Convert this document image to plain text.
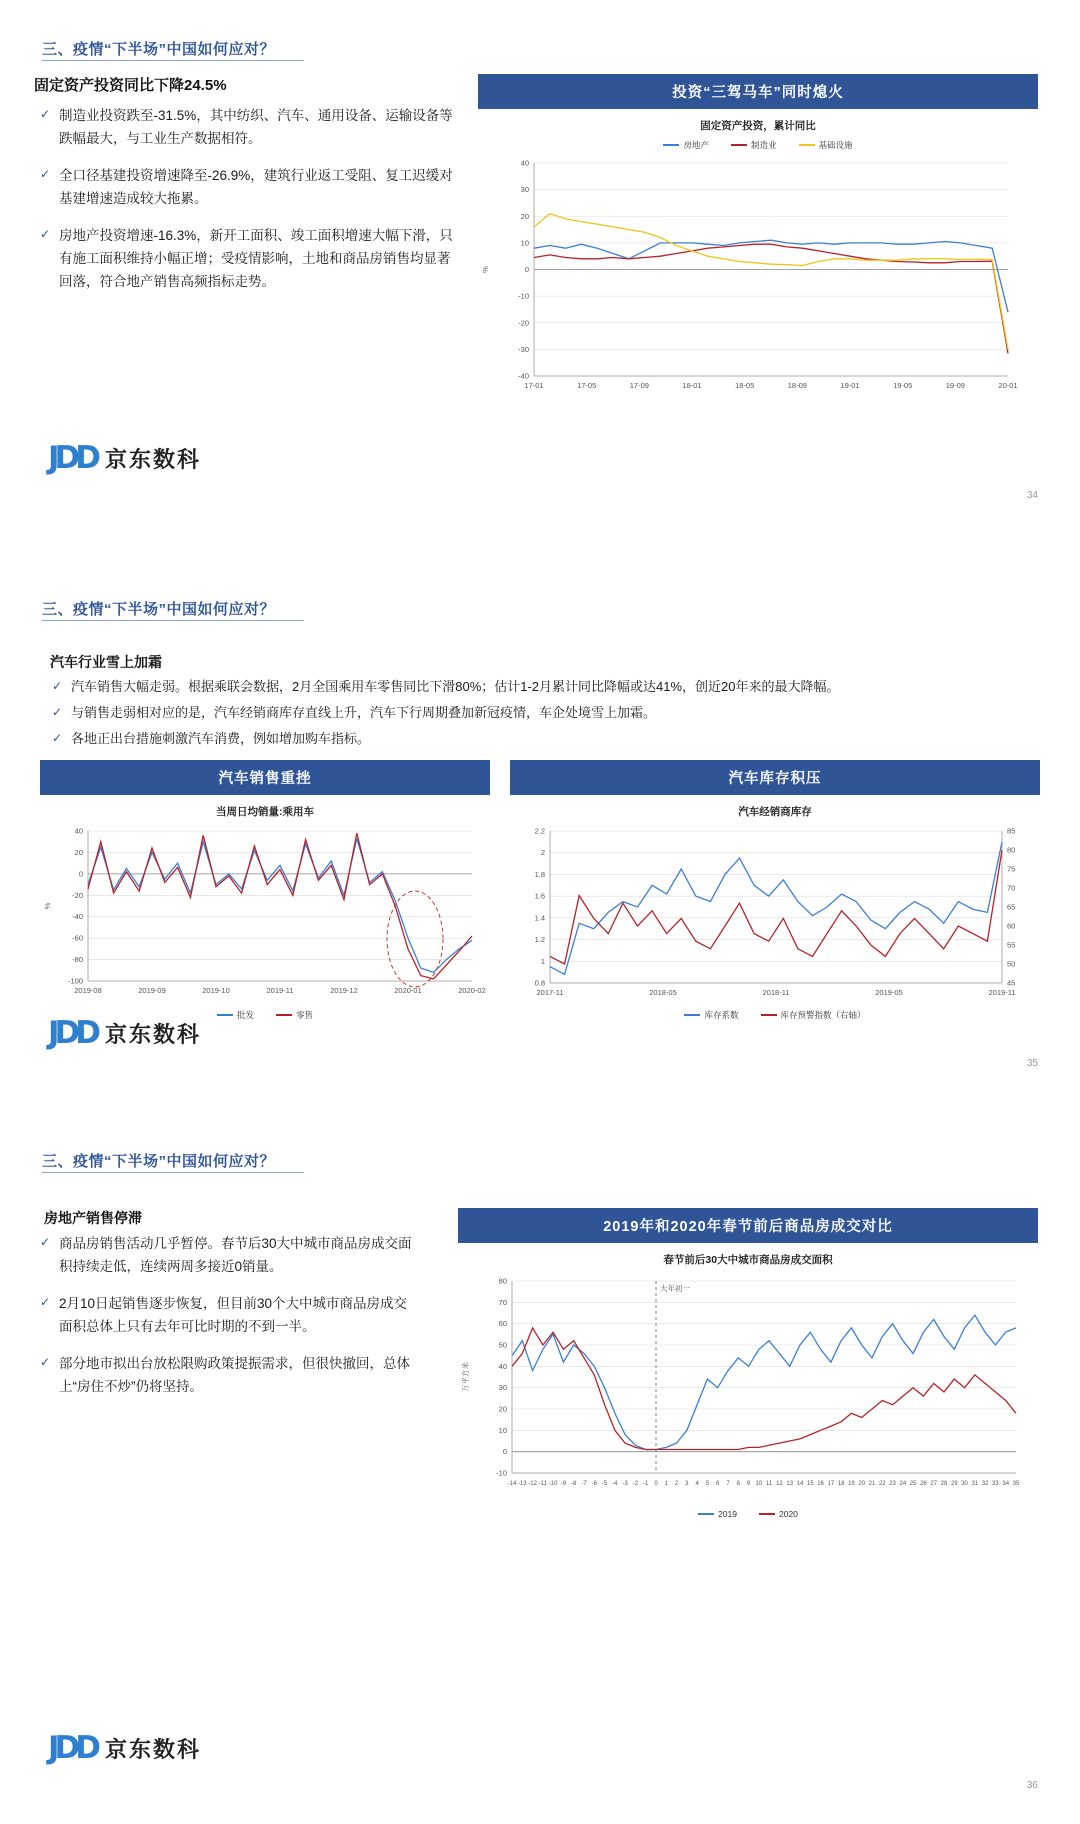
三、疫情“下半场”中国如何应对？
固定资产投资同比下降24.5%
✓ 制造业投资跌至-31.5%，其中纺织、汽车、通用设备、运输设备等跌幅最大，与工业生产数据相符。
✓ 全口径基建投资增速降至-26.9%，建筑行业返工受阻、复工迟缓对基建增速造成较大拖累。
✓ 房地产投资增速-16.3%，新开工面积、竣工面积增速大幅下滑，只有施工面积维持小幅正增；受疫情影响，土地和商品房销售均显著回落，符合地产销售高频指标走势。
投资“三驾马车”同时熄火
固定资产投资，累计同比
房地产	制造业	基础设施
-40
-30
-20
-10
0
10
20
30
40
17-01	17-05	17-09	18-01	18-05	18-09	19-01	19-05	19-09	20-01
%
JDD 京东数科
34
三、疫情“下半场”中国如何应对？
汽车行业雪上加霜
✓ 汽车销售大幅走弱。根据乘联会数据，2月全国乘用车零售同比下滑80%；估计1-2月累计同比降幅或达41%，创近20年来的最大降幅。
✓ 与销售走弱相对应的是，汽车经销商库存直线上升，汽车下行周期叠加新冠疫情，车企处境雪上加霜。
✓ 各地正出台措施刺激汽车消费，例如增加购车指标。
汽车销售重挫
当周日均销量:乘用车
-100
-80
-60
-40
-20
0
20
40
2019-08	2019-09	2019-10	2019-11	2019-12	2020-01	2020-02
%
批发	零售
汽车库存积压
汽车经销商库存
0.8
1
1.2
1.4
1.6
1.8
2
2.2
45
50
55
60
65
70
75
80
85
2017-11	2018-05	2018-11	2019-05	2019-11
库存系数	库存预警指数（右轴）
JDD 京东数科
35
三、疫情“下半场”中国如何应对？
房地产销售停滞
✓ 商品房销售活动几乎暂停。春节后30大中城市商品房成交面积持续走低，连续两周多接近0销量。
✓ 2月10日起销售逐步恢复，但目前30个大中城市商品房成交面积总体上只有去年可比时期的不到一半。
✓ 部分地市拟出台放松限购政策提振需求，但很快撤回，总体上“房住不炒”仍将坚持。
2019年和2020年春节前后商品房成交对比
春节前后30大中城市商品房成交面积
-10
0
10
20
30
40
50
60
70
80
-14 -13 -12 -11 -10 -9 -8 -7 -6 -5 -4 -3 -2 -1 0 1 2 3 4 5 6 7 8 9 10 11 12 13 14 15 16 17 18 19 20 21 22 23 24 25 26 27 28 29 30 31 32 33 34 35
万平方米
大年初一
2019	2020
JDD 京东数科
36
